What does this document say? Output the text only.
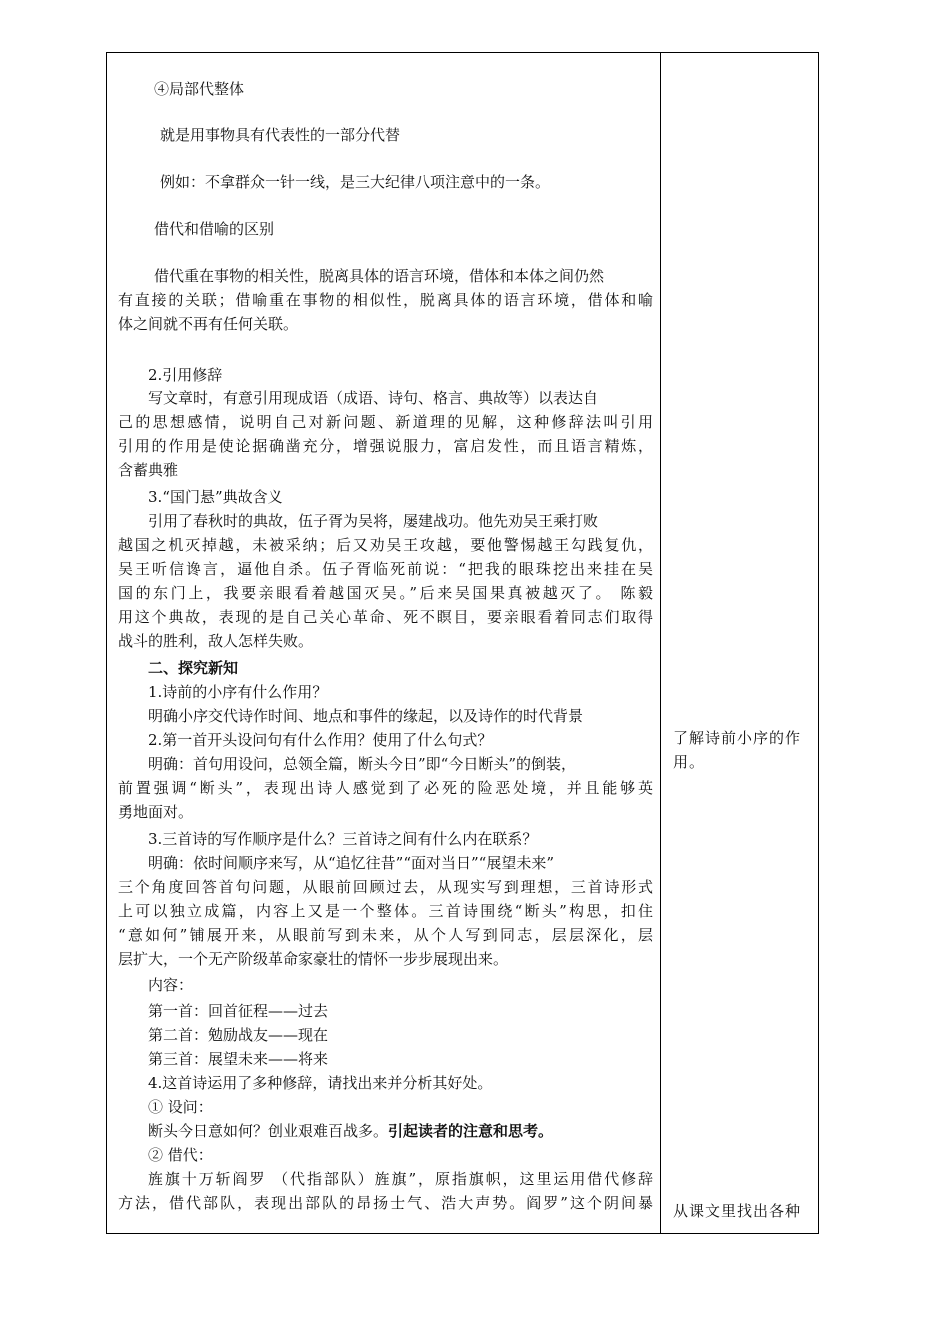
④局部代整体
就是用事物具有代表性的一部分代替
例如：不拿群众一针一线，是三大纪律八项注意中的一条。
借代和借喻的区别
借代重在事物的相关性，脱离具体的语言环境，借体和本体之间仍然
有直接的关联；借喻重在事物的相似性，脱离具体的语言环境，借体和喻
体之间就不再有任何关联。
2.引用修辞
写文章时，有意引用现成语（成语、诗句、格言、典故等）以表达自
己的思想感情，说明自己对新问题、新道理的见解，这种修辞法叫引用
引用的作用是使论据确凿充分，增强说服力，富启发性，而且语言精炼，
含蓄典雅
3.“国门悬”典故含义
引用了春秋时的典故，伍子胥为吴将，屡建战功。他先劝吴王乘打败
越国之机灭掉越，未被采纳；后又劝吴王攻越，要他警惕越王勾践复仇，
吴王听信谗言，逼他自杀。伍子胥临死前说：“把我的眼珠挖出来挂在吴
国的东门上，我要亲眼看着越国灭吴。”后来吴国果真被越灭了。 陈毅
用这个典故，表现的是自己关心革命、死不瞑目，要亲眼看着同志们取得
战斗的胜利，敌人怎样失败。
二、探究新知
1.诗前的小序有什么作用？
明确小序交代诗作时间、地点和事件的缘起，以及诗作的时代背景
2.第一首开头设问句有什么作用？使用了什么句式？
明确：首句用设问，总领全篇，断头今日”即“今日断头”的倒装，
前置强调“断头”，表现出诗人感觉到了必死的险恶处境，并且能够英
勇地面对。
3.三首诗的写作顺序是什么？三首诗之间有什么内在联系？
明确：依时间顺序来写，从“追忆往昔”“面对当日”“展望未来”
三个角度回答首句问题，从眼前回顾过去，从现实写到理想，三首诗形式
上可以独立成篇，内容上又是一个整体。三首诗围绕“断头”构思，扣住
“意如何”铺展开来，从眼前写到未来，从个人写到同志，层层深化，层
层扩大，一个无产阶级革命家豪壮的情怀一步步展现出来。
内容：
第一首：回首征程——过去
第二首：勉励战友——现在
第三首：展望未来——将来
4.这首诗运用了多种修辞，请找出来并分析其好处。
① 设问：
断头今日意如何？创业艰难百战多。引起读者的注意和思考。
② 借代：
旌旗十万斩阎罗 （代指部队）旌旗”，原指旗帜，这里运用借代修辞
方法，借代部队，表现出部队的昂扬士气、浩大声势。阎罗”这个阴间暴
了解诗前小序的作
用。
从课文里找出各种
